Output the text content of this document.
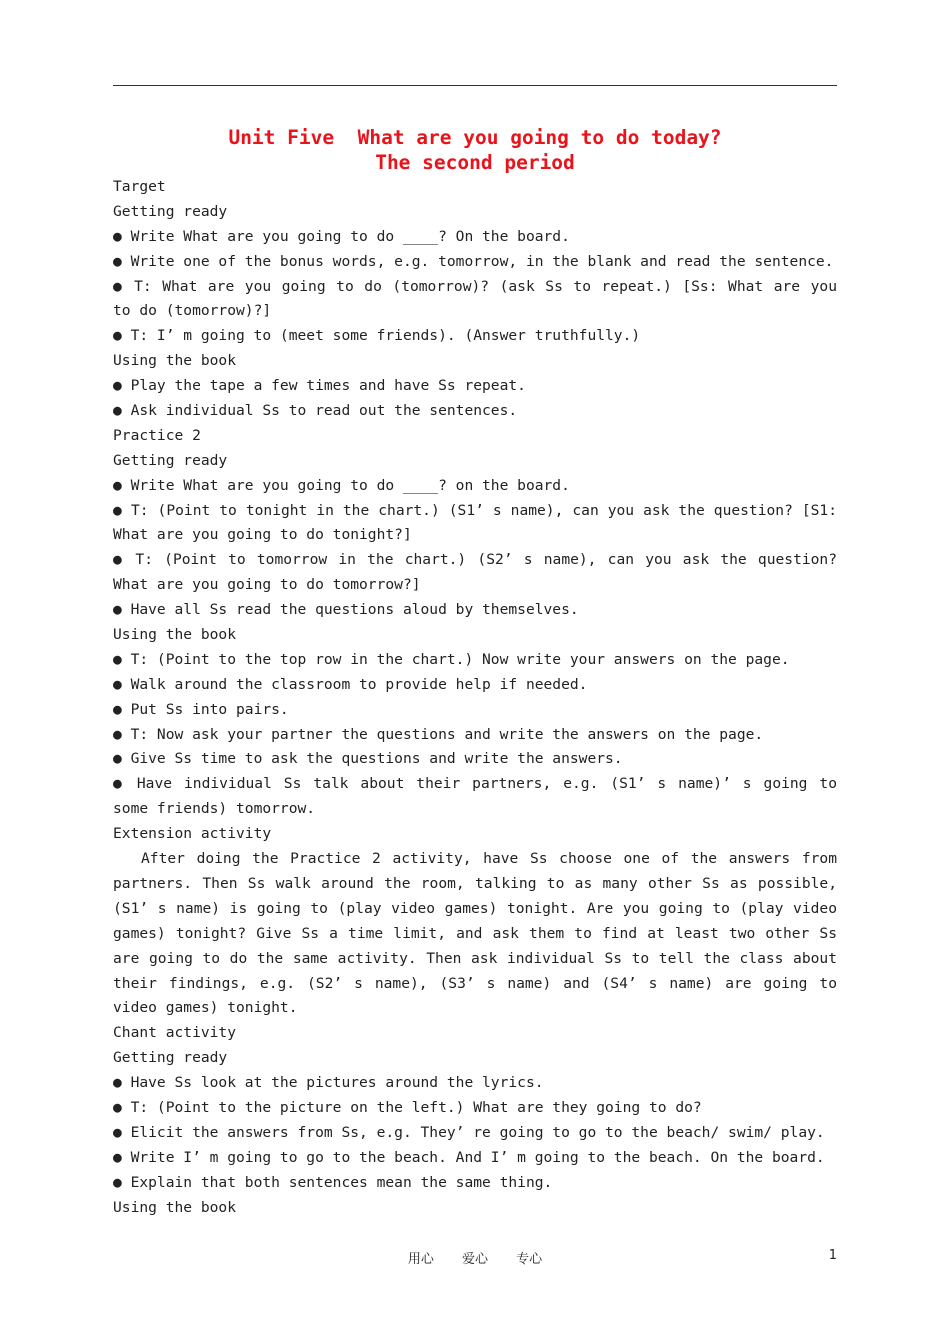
Unit Five  What are you going to do today?
The second period
Target
Getting ready
● Write What are you going to do ____? On the board.
● Write one of the bonus words, e.g. tomorrow, in the blank and read the sentence.
● T: What are you going to do (tomorrow)? (ask Ss to repeat.) [Ss: What are you
to do (tomorrow)?]
● T: I’ m going to (meet some friends). (Answer truthfully.)
Using the book
● Play the tape a few times and have Ss repeat.
● Ask individual Ss to read out the sentences.
Practice 2
Getting ready
● Write What are you going to do ____? on the board.
● T: (Point to tonight in the chart.) (S1’ s name), can you ask the question? [S1:
What are you going to do tonight?]
● T: (Point to tomorrow in the chart.) (S2’ s name), can you ask the question?
What are you going to do tomorrow?]
● Have all Ss read the questions aloud by themselves.
Using the book
● T: (Point to the top row in the chart.) Now write your answers on the page.
● Walk around the classroom to provide help if needed.
● Put Ss into pairs.
● T: Now ask your partner the questions and write the answers on the page.
● Give Ss time to ask the questions and write the answers.
● Have individual Ss talk about their partners, e.g. (S1’ s name)’ s going to
some friends) tomorrow.
Extension activity
After doing the Practice 2 activity, have Ss choose one of the answers from
partners. Then Ss walk around the room, talking to as many other Ss as possible,
(S1’ s name) is going to (play video games) tonight. Are you going to (play video
games) tonight? Give Ss a time limit, and ask them to find at least two other Ss
are going to do the same activity. Then ask individual Ss to tell the class about
their findings, e.g. (S2’ s name), (S3’ s name) and (S4’ s name) are going to
video games) tonight.
Chant activity
Getting ready
● Have Ss look at the pictures around the lyrics.
● T: (Point to the picture on the left.) What are they going to do?
● Elicit the answers from Ss, e.g. They’ re going to go to the beach/ swim/ play.
● Write I’ m going to go to the beach. And I’ m going to the beach. On the board.
● Explain that both sentences mean the same thing.
Using the book
用心 爱心 专心	1
